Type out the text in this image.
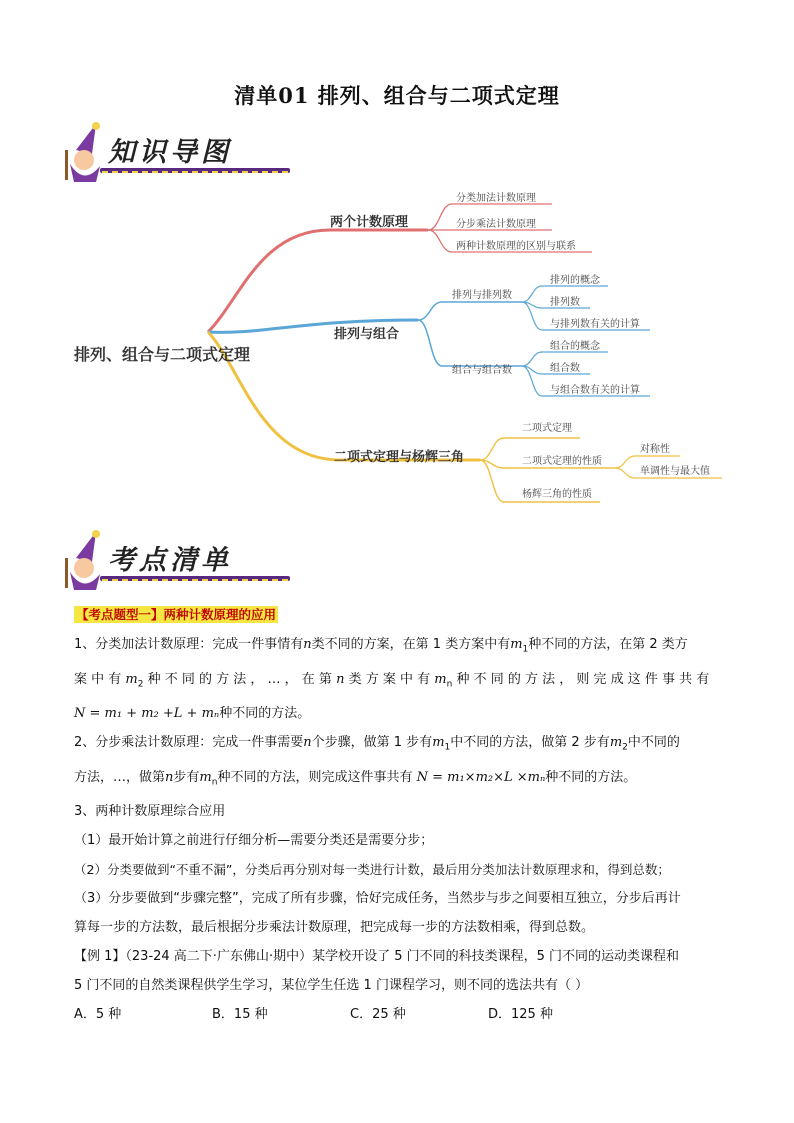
清单01 排列、组合与二项式定理
知识导图
排列、组合与二项式定理
两个计数原理
分类加法计数原理
分步乘法计数原理
两种计数原理的区别与联系
排列与组合
排列与排列数
组合与组合数
排列的概念
排列数
与排列数有关的计算
组合的概念
组合数
与组合数有关的计算
二项式定理与杨辉三角
二项式定理
二项式定理的性质
杨辉三角的性质
对称性
单调性与最大值
考点清单
【考点题型一】两种计数原理的应用
1、分类加法计数原理：完成一件事情有n类不同的方案，在第 1 类方案中有$m_1$种不同的方法，在第 2 类方
案 中 有 $m_2$ 种 不 同 的 方 法 ， … ， 在 第 n 类 方 案 中 有 $m_n$ 种 不 同 的 方 法 ， 则 完 成 这 件 事 共 有
N = m₁ + m₂ +L + mₙ种不同的方法。
2、分步乘法计数原理：完成一件事需要n个步骤，做第 1 步有$m_1$中不同的方法，做第 2 步有$m_2$中不同的
方法，…，做第n步有$m_n$种不同的方法，则完成这件事共有 N = m₁×m₂×L ×mₙ种不同的方法。
3、两种计数原理综合应用
（1）最开始计算之前进行仔细分析—需要分类还是需要分步；
（2）分类要做到“不重不漏”，分类后再分别对每一类进行计数，最后用分类加法计数原理求和，得到总数；
（3）分步要做到“步骤完整”，完成了所有步骤，恰好完成任务，当然步与步之间要相互独立，分步后再计
算每一步的方法数，最后根据分步乘法计数原理，把完成每一步的方法数相乘，得到总数。
【例 1】（23-24 高二下·广东佛山·期中）某学校开设了 5 门不同的科技类课程，5 门不同的运动类课程和
5 门不同的自然类课程供学生学习，某位学生任选 1 门课程学习，则不同的选法共有（ ）
A．5 种	B．15 种	C．25 种	D．125 种
